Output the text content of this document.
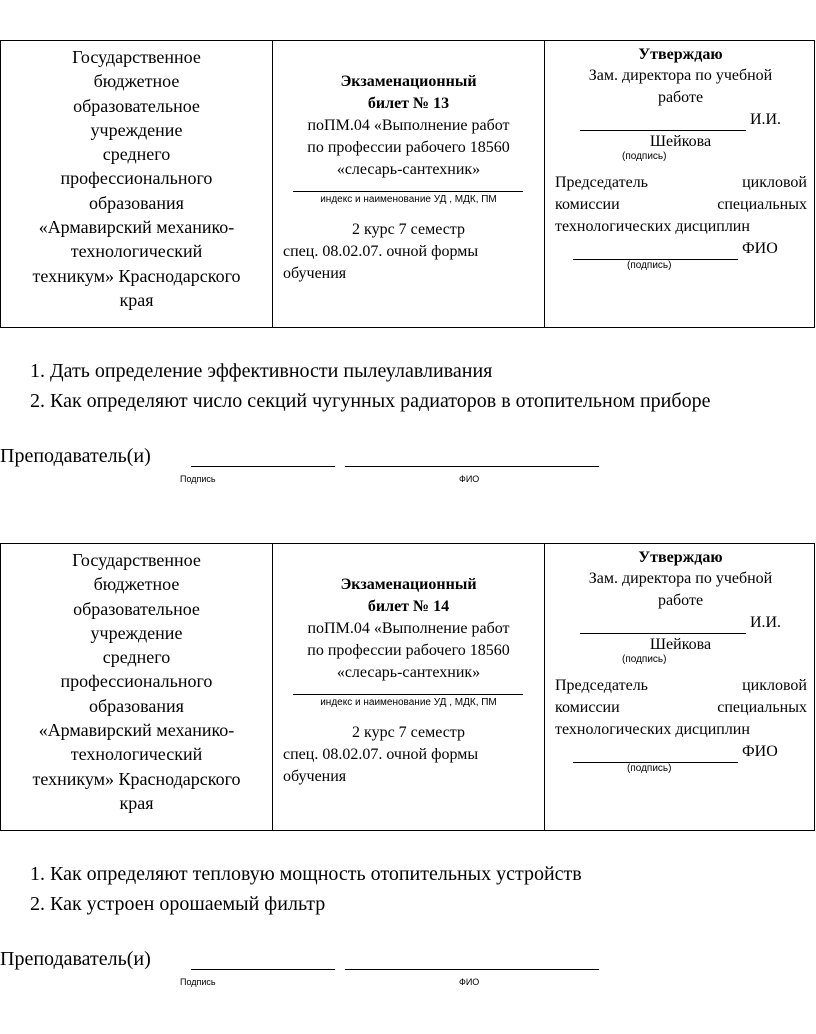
Государственное
бюджетное
образовательное
учреждение
среднего
профессионального
образования
«Армавирский механико-
технологический
техникум» Краснодарского
края
Экзаменационный
билет № 13
поПМ.04 «Выполнение работ
по профессии рабочего 18560
«слесарь-сантехник»
индекс и наименование УД , МДК, ПМ
2 курс 7 семестр
спец. 08.02.07. очной формы обучения
Утверждаю
Зам. директора по учебной
работе
И.И.
Шейкова
(подпись)
Председатель цикловой
комиссии специальных
технологических дисциплин
ФИО
(подпись)
1. Дать определение эффективности пылеулавливания
2. Как определяют число секций чугунных радиаторов в отопительном приборе
Преподаватель(и)
Подпись	ФИО
Государственное
бюджетное
образовательное
учреждение
среднего
профессионального
образования
«Армавирский механико-
технологический
техникум» Краснодарского
края
Экзаменационный
билет № 14
поПМ.04 «Выполнение работ
по профессии рабочего 18560
«слесарь-сантехник»
индекс и наименование УД , МДК, ПМ
2 курс 7 семестр
спец. 08.02.07. очной формы обучения
Утверждаю
Зам. директора по учебной
работе
И.И.
Шейкова
(подпись)
Председатель цикловой
комиссии специальных
технологических дисциплин
ФИО
(подпись)
1. Как определяют тепловую мощность отопительных устройств
2. Как устроен орошаемый фильтр
Преподаватель(и)
Подпись	ФИО
